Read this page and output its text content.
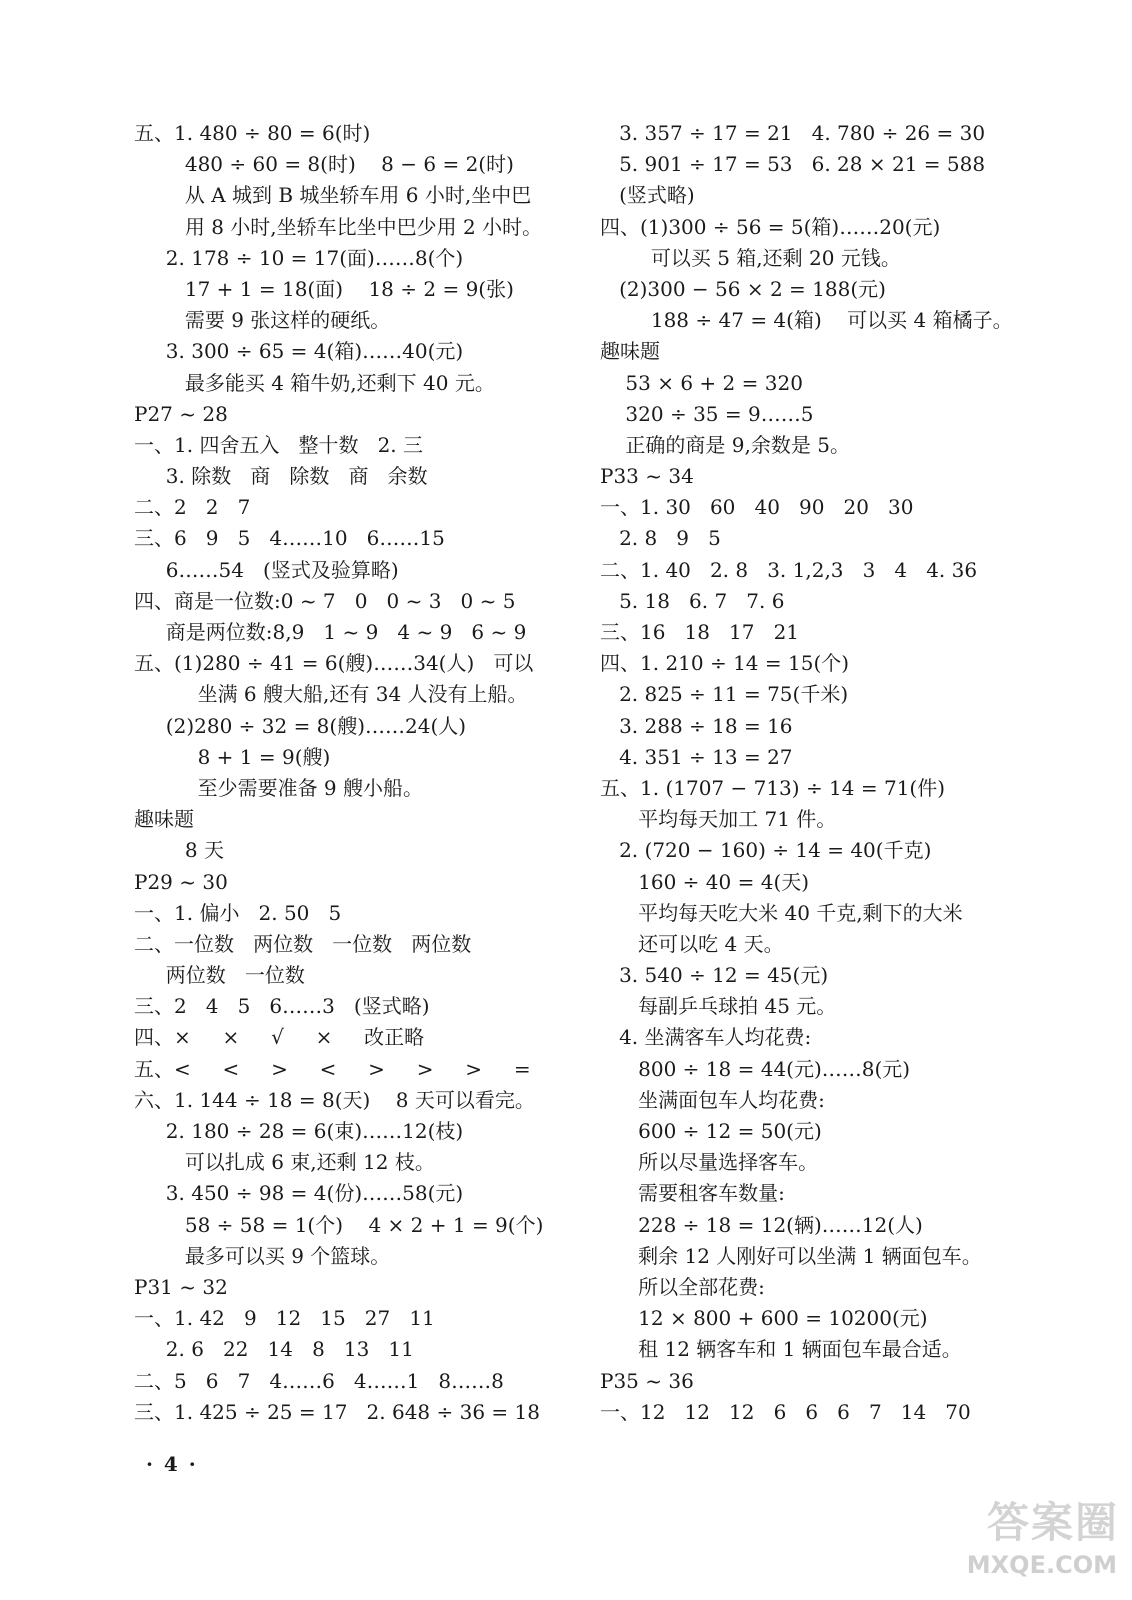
五、1. 480 ÷ 80 = 6(时)
480 ÷ 60 = 8(时)    8 − 6 = 2(时)
从 A 城到 B 城坐轿车用 6 小时,坐中巴
用 8 小时,坐轿车比坐中巴少用 2 小时。
2. 178 ÷ 10 = 17(面)……8(个)
17 + 1 = 18(面)    18 ÷ 2 = 9(张)
需要 9 张这样的硬纸。
3. 300 ÷ 65 = 4(箱)……40(元)
最多能买 4 箱牛奶,还剩下 40 元。
P27 ~ 28
一、1. 四舍五入   整十数   2. 三
3. 除数   商   除数   商   余数
二、2   2   7
三、6   9   5   4……10   6……15
6……54   (竖式及验算略)
四、商是一位数:0 ~ 7   0   0 ~ 3   0 ~ 5
商是两位数:8,9   1 ~ 9   4 ~ 9   6 ~ 9
五、(1)280 ÷ 41 = 6(艘)……34(人)   可以
坐满 6 艘大船,还有 34 人没有上船。
(2)280 ÷ 32 = 8(艘)……24(人)
8 + 1 = 9(艘)
至少需要准备 9 艘小船。
趣味题
8 天
P29 ~ 30
一、1. 偏小   2. 50   5
二、一位数   两位数   一位数   两位数
两位数   一位数
三、2   4   5   6……3   (竖式略)
四、×     ×     √     ×     改正略
五、<     <     >     <     >     >     >     =
六、1. 144 ÷ 18 = 8(天)    8 天可以看完。
2. 180 ÷ 28 = 6(束)……12(枝)
可以扎成 6 束,还剩 12 枝。
3. 450 ÷ 98 = 4(份)……58(元)
58 ÷ 58 = 1(个)    4 × 2 + 1 = 9(个)
最多可以买 9 个篮球。
P31 ~ 32
一、1. 42   9   12   15   27   11
2. 6   22   14   8   13   11
二、5   6   7   4……6   4……1   8……8
三、1. 425 ÷ 25 = 17   2. 648 ÷ 36 = 18
3. 357 ÷ 17 = 21   4. 780 ÷ 26 = 30
5. 901 ÷ 17 = 53   6. 28 × 21 = 588
(竖式略)
四、(1)300 ÷ 56 = 5(箱)……20(元)
可以买 5 箱,还剩 20 元钱。
(2)300 − 56 × 2 = 188(元)
188 ÷ 47 = 4(箱)    可以买 4 箱橘子。
趣味题
53 × 6 + 2 = 320
320 ÷ 35 = 9……5
正确的商是 9,余数是 5。
P33 ~ 34
一、1. 30   60   40   90   20   30
2. 8   9   5
二、1. 40   2. 8   3. 1,2,3   3   4   4. 36
5. 18   6. 7   7. 6
三、16   18   17   21
四、1. 210 ÷ 14 = 15(个)
2. 825 ÷ 11 = 75(千米)
3. 288 ÷ 18 = 16
4. 351 ÷ 13 = 27
五、1. (1707 − 713) ÷ 14 = 71(件)
平均每天加工 71 件。
2. (720 − 160) ÷ 14 = 40(千克)
160 ÷ 40 = 4(天)
平均每天吃大米 40 千克,剩下的大米
还可以吃 4 天。
3. 540 ÷ 12 = 45(元)
每副乒乓球拍 45 元。
4. 坐满客车人均花费:
800 ÷ 18 = 44(元)……8(元)
坐满面包车人均花费:
600 ÷ 12 = 50(元)
所以尽量选择客车。
需要租客车数量:
228 ÷ 18 = 12(辆)……12(人)
剩余 12 人刚好可以坐满 1 辆面包车。
所以全部花费:
12 × 800 + 600 = 10200(元)
租 12 辆客车和 1 辆面包车最合适。
P35 ~ 36
一、12   12   12   6   6   6   7   14   70
· 4 ·
答案圈
MXQE.COM
